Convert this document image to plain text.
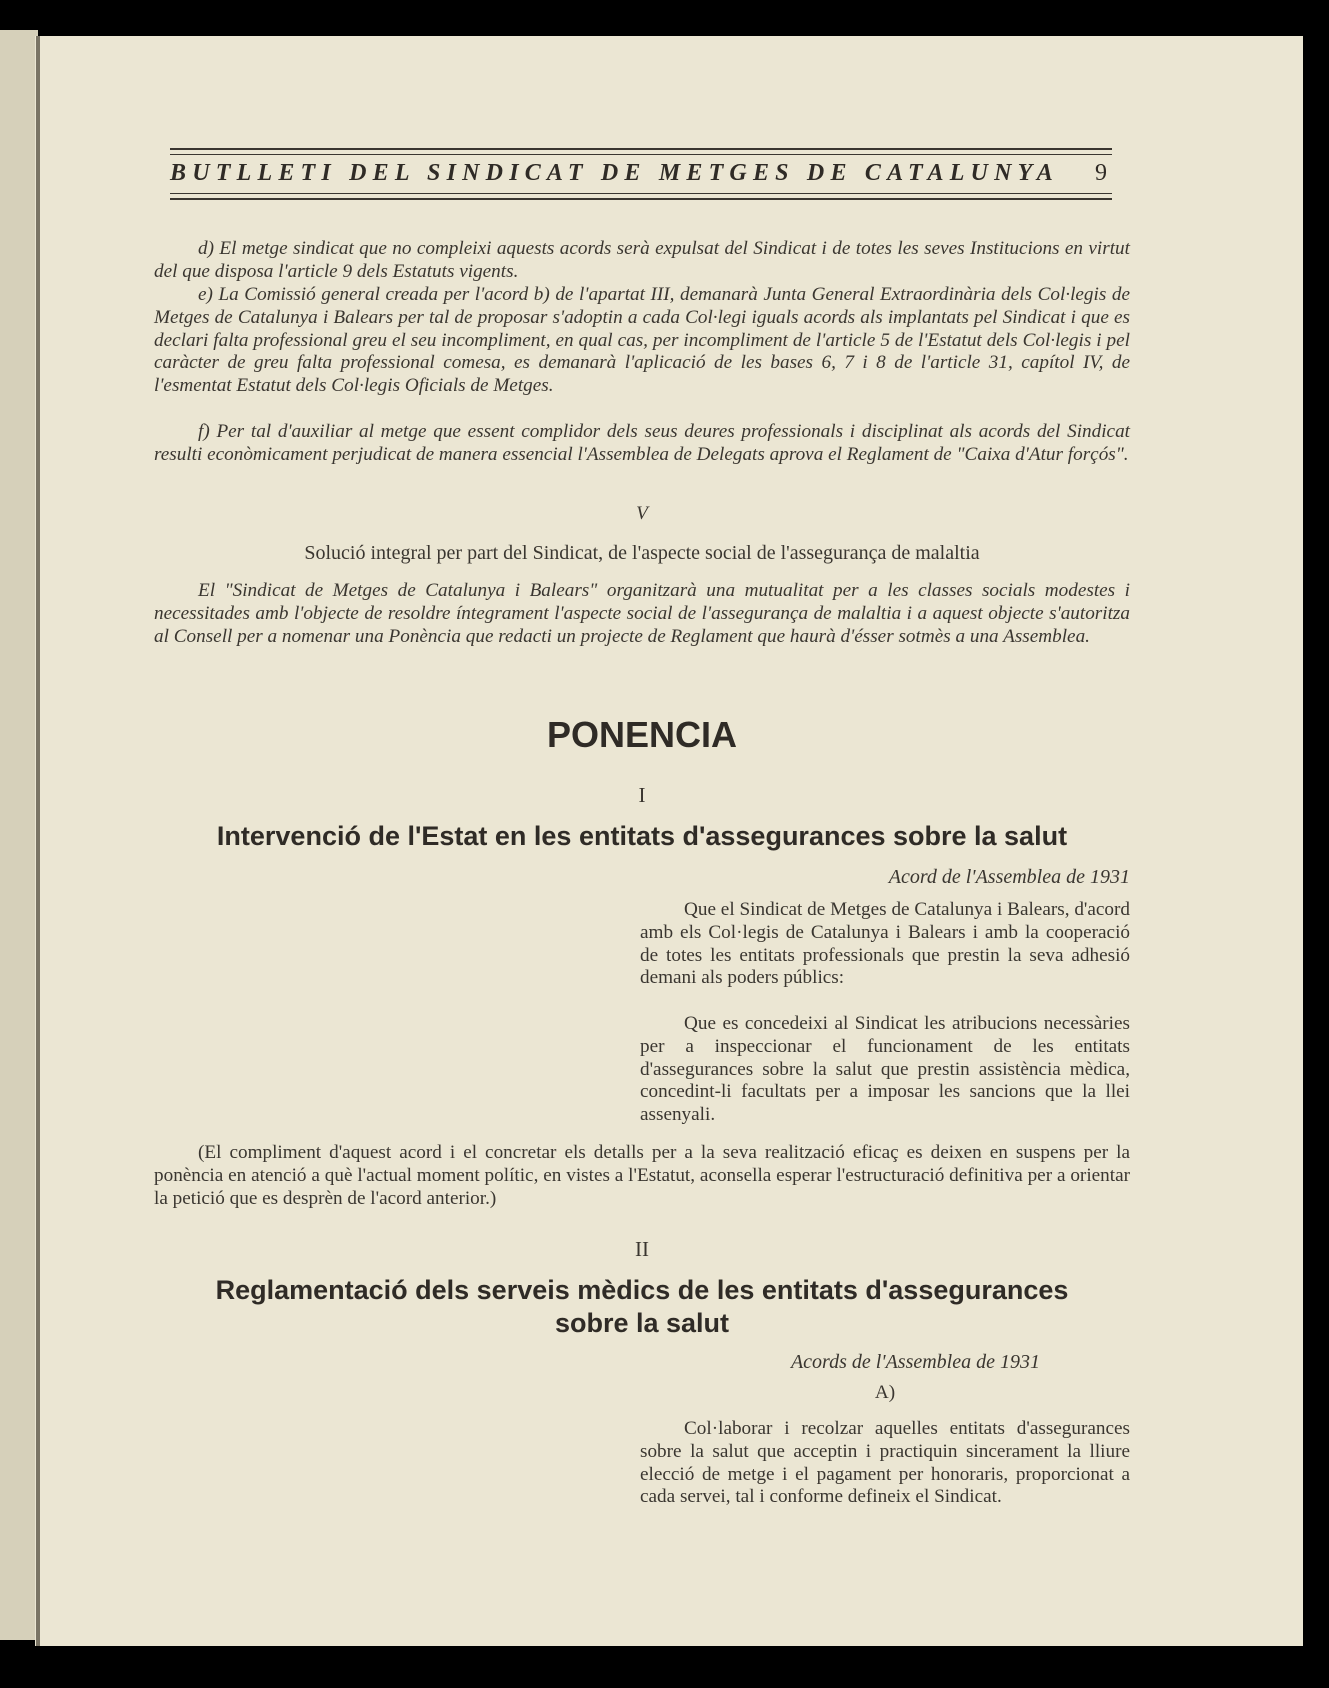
BUTLLETI DEL SINDICAT DE METGES DE CATALUNYA	9
d) El metge sindicat que no compleixi aquests acords serà expulsat del Sindicat i de totes les seves Institucions en virtut del que disposa l'article 9 dels Estatuts vigents.
e) La Comissió general creada per l'acord b) de l'apartat III, demanarà Junta General Extraordinària dels Col·legis de Metges de Catalunya i Balears per tal de proposar s'adoptin a cada Col·legi iguals acords als implantats pel Sindicat i que es declari falta professional greu el seu incompliment, en qual cas, per incompliment de l'article 5 de l'Estatut dels Col·legis i pel caràcter de greu falta professional comesa, es demanarà l'aplicació de les bases 6, 7 i 8 de l'article 31, capítol IV, de l'esmentat Estatut dels Col·legis Oficials de Metges.
f) Per tal d'auxiliar al metge que essent complidor dels seus deures professionals i disciplinat als acords del Sindicat resulti econòmicament perjudicat de manera essencial l'Assemblea de Delegats aprova el Reglament de "Caixa d'Atur forçós".
V
Solució integral per part del Sindicat, de l'aspecte social de l'assegurança de malaltia
El "Sindicat de Metges de Catalunya i Balears" organitzarà una mutualitat per a les classes socials modestes i necessitades amb l'objecte de resoldre íntegrament l'aspecte social de l'assegurança de malaltia i a aquest objecte s'autoritza al Consell per a nomenar una Ponència que redacti un projecte de Reglament que haurà d'ésser sotmès a una Assemblea.
PONENCIA
I
Intervenció de l'Estat en les entitats d'assegurances sobre la salut
Acord de l'Assemblea de 1931
Que el Sindicat de Metges de Catalunya i Balears, d'acord amb els Col·legis de Catalunya i Balears i amb la cooperació de totes les entitats professionals que prestin la seva adhesió demani als poders públics:
Que es concedeixi al Sindicat les atribucions necessàries per a inspeccionar el funcionament de les entitats d'assegurances sobre la salut que prestin assistència mèdica, concedint-li facultats per a imposar les sancions que la llei assenyali.
(El compliment d'aquest acord i el concretar els detalls per a la seva realització eficaç es deixen en suspens per la ponència en atenció a què l'actual moment polític, en vistes a l'Estatut, aconsella esperar l'estructuració definitiva per a orientar la petició que es desprèn de l'acord anterior.)
II
Reglamentació dels serveis mèdics de les entitats d'assegurances
sobre la salut
Acords de l'Assemblea de 1931
A)
Col·laborar i recolzar aquelles entitats d'assegurances sobre la salut que acceptin i practiquin sincerament la lliure elecció de metge i el pagament per honoraris, proporcionat a cada servei, tal i conforme defineix el Sindicat.
